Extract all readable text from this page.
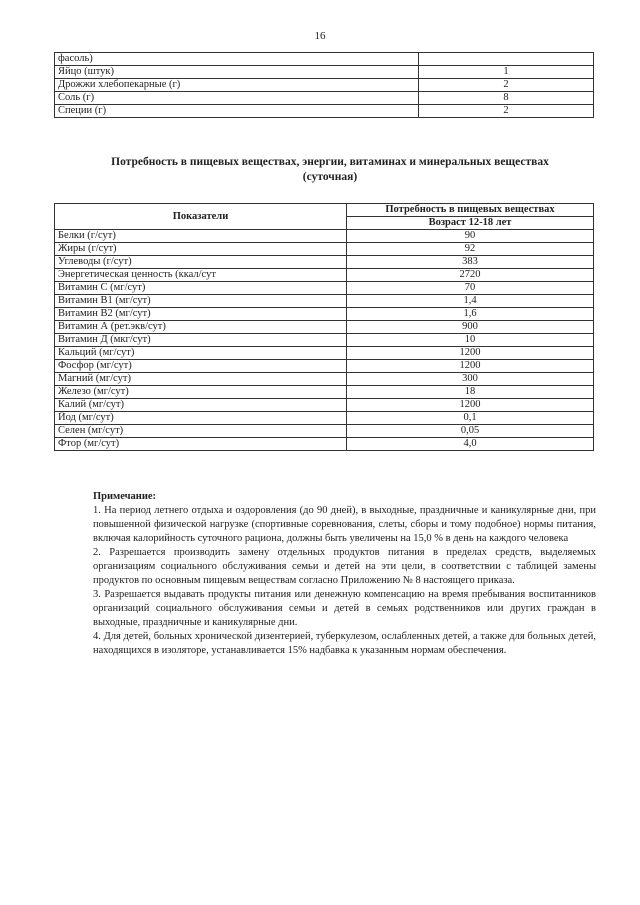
16
фасоль)	
Яйцо (штук)	1
Дрожжи хлебопекарные (г)	2
Соль (г)	8
Специи (г)	2
Потребность в пищевых веществах, энергии, витаминах и минеральных веществах
(суточная)
Показатели	Потребность в пищевых веществах
	Возраст 12-18 лет
Белки (г/сут)	90
Жиры (г/сут)	92
Углеводы (г/сут)	383
Энергетическая ценность (ккал/сут	2720
Витамин С (мг/сут)	70
Витамин В1 (мг/сут)	1,4
Витамин В2 (мг/сут)	1,6
Витамин А (рет.экв/сут)	900
Витамин Д (мкг/сут)	10
Кальций (мг/сут)	1200
Фосфор (мг/сут)	1200
Магний (мг/сут)	300
Железо (мг/сут)	18
Калий (мг/сут)	1200
Йод (мг/сут)	0,1
Селен (мг/сут)	0,05
Фтор (мг/сут)	4,0
Примечание:

1. На период летнего отдыха и оздоровления (до 90 дней), в выходные, праздничные и каникулярные дни, при повышенной физической нагрузке (спортивные соревнования, слеты, сборы и тому подобное) нормы питания, включая калорийность суточного рациона, должны быть увеличены на 15,0 % в день на каждого человека

2. Разрешается производить замену отдельных продуктов питания в пределах средств, выделяемых организациям социального обслуживания семьи и детей на эти цели, в соответствии с таблицей замены продуктов по основным пищевым веществам согласно Приложению № 8 настоящего приказа.

3. Разрешается выдавать продукты питания или денежную компенсацию на время пребывания воспитанников организаций социального обслуживания семьи и детей в семьях родственников или других граждан в выходные, праздничные и каникулярные дни.

4. Для детей, больных хронической дизентерией, туберкулезом, ослабленных детей, а также для больных детей, находящихся в изоляторе, устанавливается 15% надбавка к указанным нормам обеспечения.
